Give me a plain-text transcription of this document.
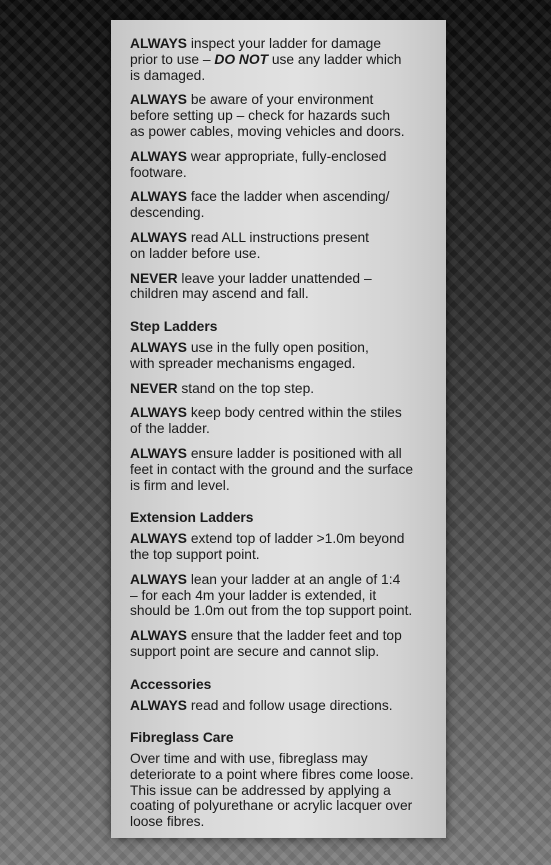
ALWAYS inspect your ladder for damage
prior to use – DO NOT use any ladder which
is damaged.
ALWAYS be aware of your environment
before setting up – check for hazards such
as power cables, moving vehicles and doors.
ALWAYS wear appropriate, fully-enclosed
footware.
ALWAYS face the ladder when ascending/
descending.
ALWAYS read ALL instructions present
on ladder before use.
NEVER leave your ladder unattended –
children may ascend and fall.
Step Ladders
ALWAYS use in the fully open position,
with spreader mechanisms engaged.
NEVER stand on the top step.
ALWAYS keep body centred within the stiles
of the ladder.
ALWAYS ensure ladder is positioned with all
feet in contact with the ground and the surface
is firm and level.
Extension Ladders
ALWAYS extend top of ladder >1.0m beyond
the top support point.
ALWAYS lean your ladder at an angle of 1:4
– for each 4m your ladder is extended, it
should be 1.0m out from the top support point.
ALWAYS ensure that the ladder feet and top
support point are secure and cannot slip.
Accessories
ALWAYS read and follow usage directions.
Fibreglass Care
Over time and with use, fibreglass may
deteriorate to a point where fibres come loose.
This issue can be addressed by applying a
coating of polyurethane or acrylic lacquer over
loose fibres.
